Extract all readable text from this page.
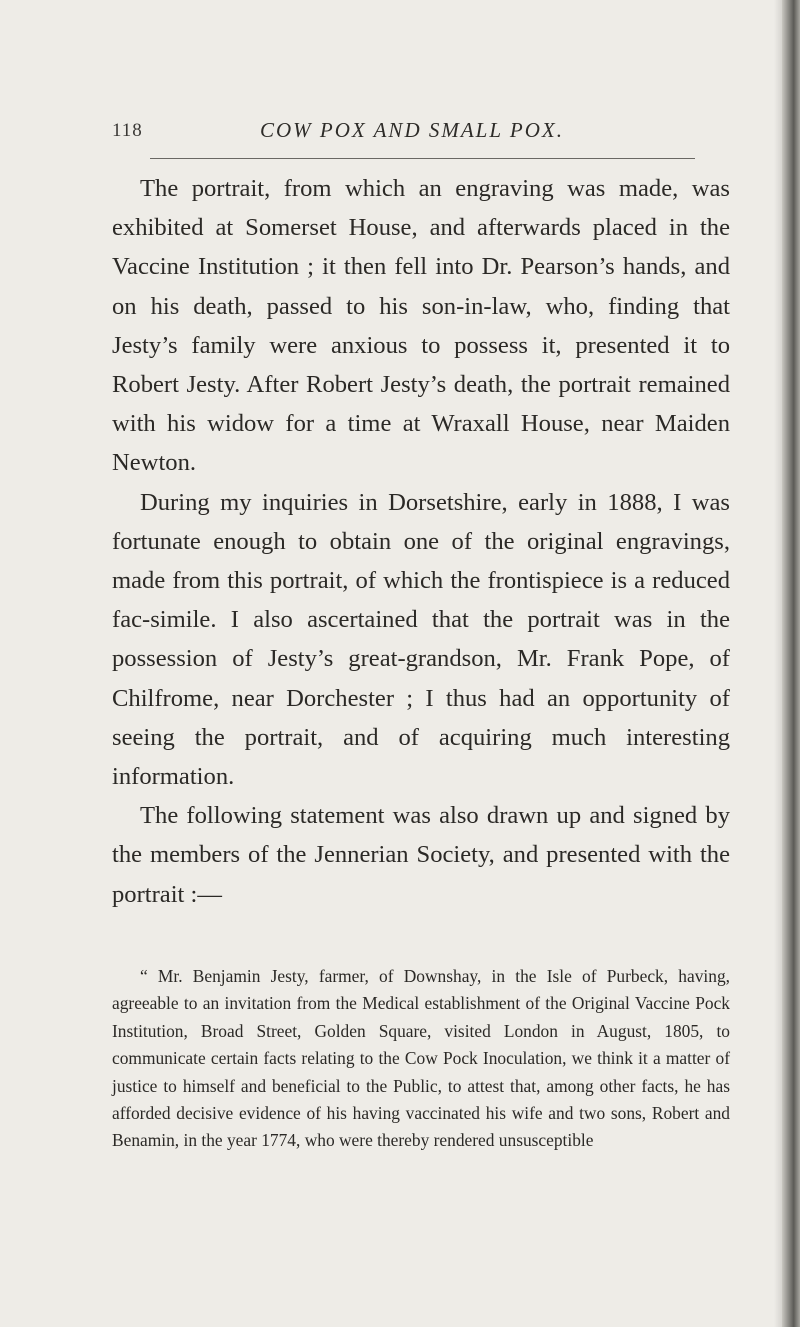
118	COW POX AND SMALL POX.

The portrait, from which an engraving was made, was exhibited at Somerset House, and afterwards placed in the Vaccine Institution ; it then fell into Dr. Pearson’s hands, and on his death, passed to his son-in-law, who, finding that Jesty’s family were anxious to possess it, presented it to Robert Jesty. After Robert Jesty’s death, the portrait remained with his widow for a time at Wraxall House, near Maiden Newton.

During my inquiries in Dorsetshire, early in 1888, I was fortunate enough to obtain one of the original engravings, made from this portrait, of which the frontispiece is a reduced fac-simile. I also ascertained that the portrait was in the possession of Jesty’s great-grandson, Mr. Frank Pope, of Chilfrome, near Dorchester ; I thus had an opportunity of seeing the portrait, and of acquiring much interesting information.

The following statement was also drawn up and signed by the members of the Jennerian Society, and presented with the portrait :—

“ Mr. Benjamin Jesty, farmer, of Downshay, in the Isle of Purbeck, having, agreeable to an invitation from the Medical establishment of the Original Vaccine Pock Institution, Broad Street, Golden Square, visited London in August, 1805, to communicate certain facts relating to the Cow Pock Inoculation, we think it a matter of justice to himself and beneficial to the Public, to attest that, among other facts, he has afforded decisive evidence of his having vaccinated his wife and two sons, Robert and Benamin, in the year 1774, who were thereby rendered unsusceptible
